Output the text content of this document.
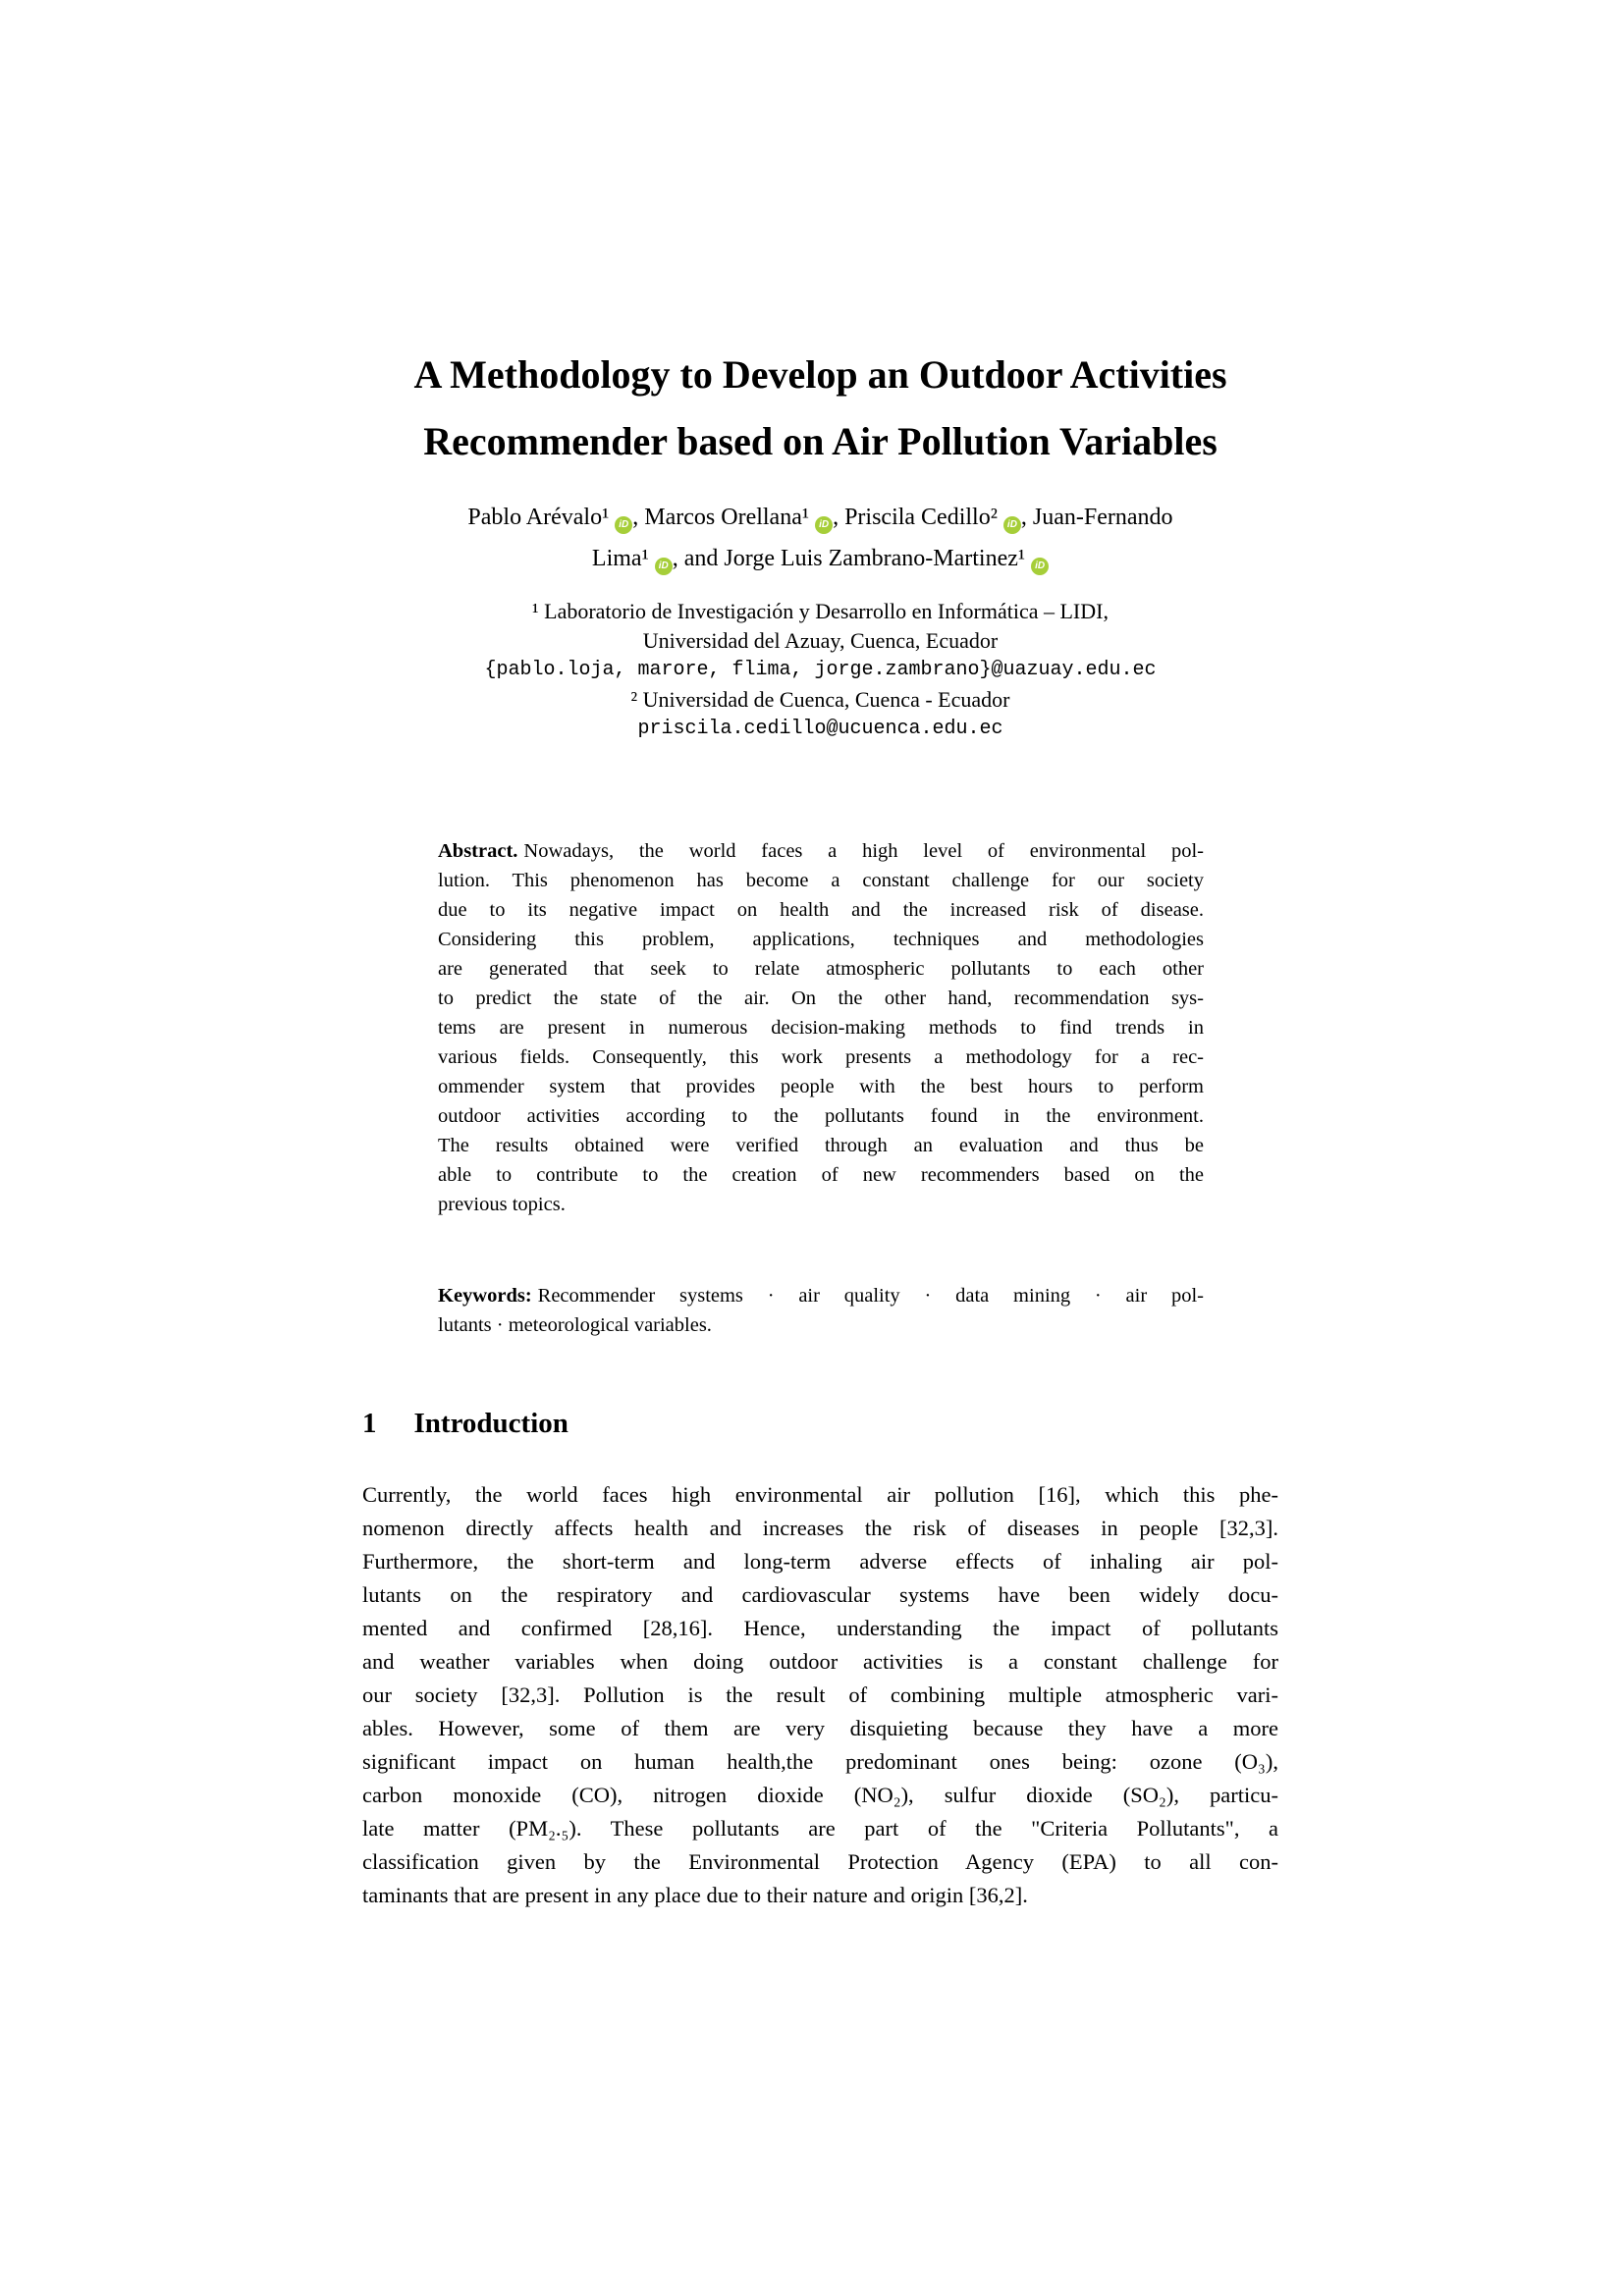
A Methodology to Develop an Outdoor Activities
Recommender based on Air Pollution Variables
Pablo Arévalo¹ iD , Marcos Orellana¹ iD , Priscila Cedillo² iD , Juan-Fernando
Lima¹ iD , and Jorge Luis Zambrano-Martinez¹ iD
¹ Laboratorio de Investigación y Desarrollo en Informática – LIDI,
Universidad del Azuay, Cuenca, Ecuador
{pablo.loja, marore, flima, jorge.zambrano}@uazuay.edu.ec
² Universidad de Cuenca, Cuenca - Ecuador
priscila.cedillo@ucuenca.edu.ec
Abstract. Nowadays, the world faces a high level of environmental pol-
lution. This phenomenon has become a constant challenge for our society
due to its negative impact on health and the increased risk of disease.
Considering this problem, applications, techniques and methodologies
are generated that seek to relate atmospheric pollutants to each other
to predict the state of the air. On the other hand, recommendation sys-
tems are present in numerous decision-making methods to find trends in
various fields. Consequently, this work presents a methodology for a rec-
ommender system that provides people with the best hours to perform
outdoor activities according to the pollutants found in the environment.
The results obtained were verified through an evaluation and thus be
able to contribute to the creation of new recommenders based on the
previous topics.
Keywords: Recommender systems · air quality · data mining · air pol-
lutants · meteorological variables.
1 Introduction
Currently, the world faces high environmental air pollution [16], which this phe-
nomenon directly affects health and increases the risk of diseases in people [32,3].
Furthermore, the short-term and long-term adverse effects of inhaling air pol-
lutants on the respiratory and cardiovascular systems have been widely docu-
mented and confirmed [28,16]. Hence, understanding the impact of pollutants
and weather variables when doing outdoor activities is a constant challenge for
our society [32,3]. Pollution is the result of combining multiple atmospheric vari-
ables. However, some of them are very disquieting because they have a more
significant impact on human health,the predominant ones being: ozone (O₃),
carbon monoxide (CO), nitrogen dioxide (NO₂), sulfur dioxide (SO₂), particu-
late matter (PM₂.₅). These pollutants are part of the "Criteria Pollutants", a
classification given by the Environmental Protection Agency (EPA) to all con-
taminants that are present in any place due to their nature and origin [36,2].
